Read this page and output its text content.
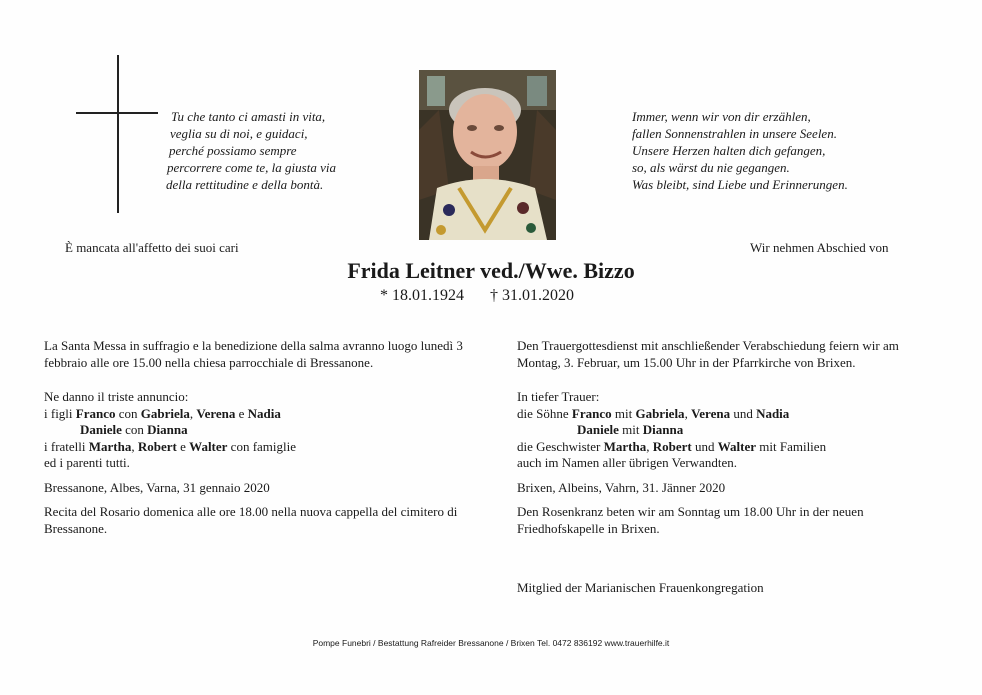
Tu che tanto ci amasti in vita,
veglia su di noi, e guidaci,
perché possiamo sempre
percorrere come te, la giusta via
della rettitudine e della bontà.
Immer, wenn wir von dir erzählen,
fallen Sonnenstrahlen in unsere Seelen.
Unsere Herzen halten dich gefangen,
so, als wärst du nie gegangen.
Was bleibt, sind Liebe und Erinnerungen.
È mancata all'affetto dei suoi cari	Wir nehmen Abschied von
Frida Leitner ved./Wwe. Bizzo
* 18.01.1924 † 31.01.2020

La Santa Messa in suffragio e la benedizione della salma avranno luogo lunedì 3 febbraio alle ore 15.00 nella chiesa parrocchiale di Bressanone.

Ne danno il triste annuncio:

i figli Franco con Gabriela, Verena e Nadia

Daniele con Dianna

i fratelli Martha, Robert e Walter con famiglie

ed i parenti tutti.

Bressanone, Albes, Varna, 31 gennaio 2020

Recita del Rosario domenica alle ore 18.00 nella nuova cappella del cimitero di Bressanone.

Den Trauergottesdienst mit anschließender Verabschiedung feiern wir am Montag, 3. Februar, um 15.00 Uhr in der Pfarrkirche von Brixen.

In tiefer Trauer:

die Söhne Franco mit Gabriela, Verena und Nadia

Daniele mit Dianna

die Geschwister Martha, Robert und Walter mit Familien

auch im Namen aller übrigen Verwandten.

Brixen, Albeins, Vahrn, 31. Jänner 2020

Den Rosenkranz beten wir am Sonntag um 18.00 Uhr in der neuen Friedhofskapelle in Brixen.

Mitglied der Marianischen Frauenkongregation
Pompe Funebri / Bestattung Rafreider Bressanone / Brixen Tel. 0472 836192 www.trauerhilfe.it
